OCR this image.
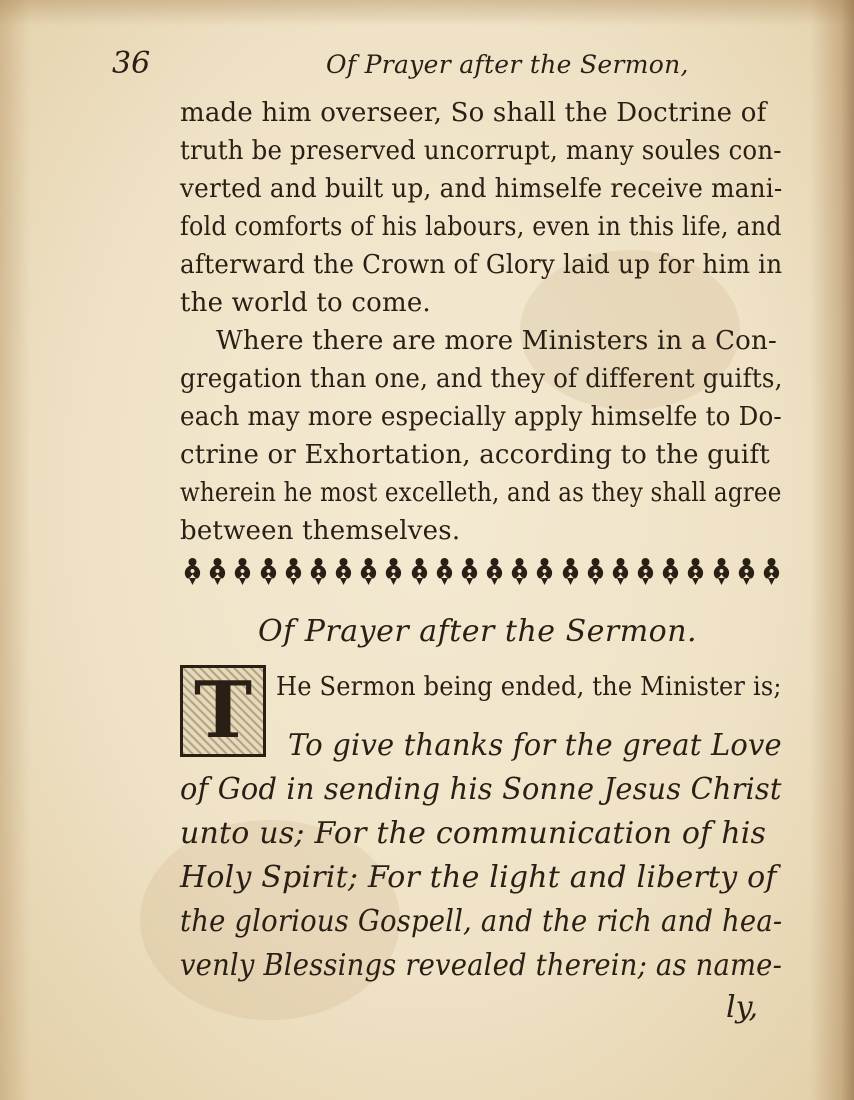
36	Of Prayer after the Sermon,
made him overseer, So shall the Doctrine of
truth be preserved uncorrupt, many soules con-
verted and built up, and himselfe receive mani-
fold comforts of his labours, even in this life, and
afterward the Crown of Glory laid up for him in
the world to come.
Where there are more Ministers in a Con-
gregation than one, and they of different guifts,
each may more especially apply himselfe to Do-
ctrine or Exhortation, according to the guift
wherein he most excelleth, and as they shall agree
between themselves.
Of Prayer after the Sermon.
T He Sermon being ended, the Minister is;
To give thanks for the great Love
of God in sending his Sonne Jesus Christ
unto us; For the communication of his
Holy Spirit; For the light and liberty of
the glorious Gospell, and the rich and hea-
venly Blessings revealed therein; as name-
ly,
